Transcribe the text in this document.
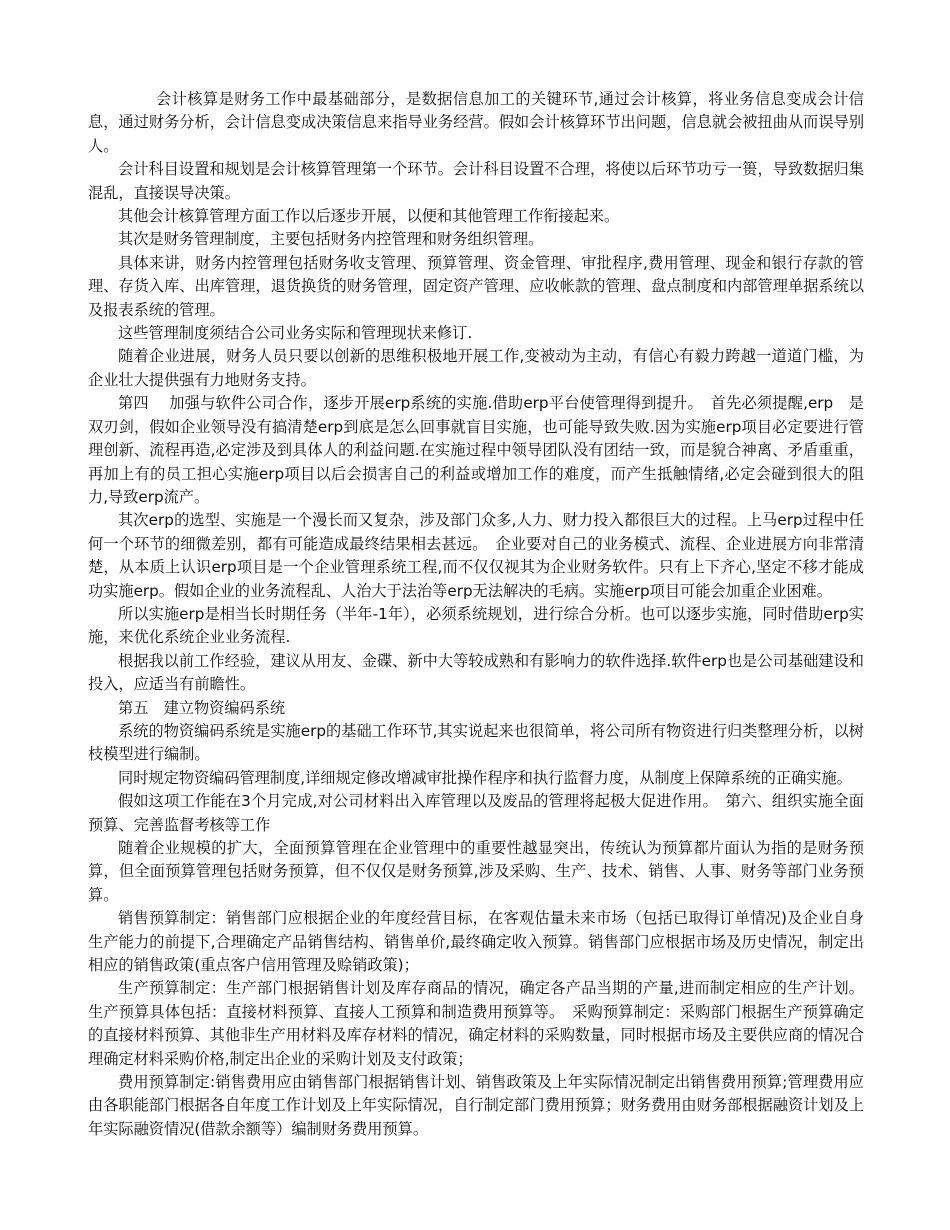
会计核算是财务工作中最基础部分，是数据信息加工的关键环节,通过会计核算，将业务信息变成会计信息，通过财务分析，会计信息变成决策信息来指导业务经营。假如会计核算环节出问题，信息就会被扭曲从而误导别人。

会计科目设置和规划是会计核算管理第一个环节。会计科目设置不合理，将使以后环节功亏一篑，导致数据归集混乱，直接误导决策。

其他会计核算管理方面工作以后逐步开展，以便和其他管理工作衔接起来。

其次是财务管理制度，主要包括财务内控管理和财务组织管理。

具体来讲，财务内控管理包括财务收支管理、预算管理、资金管理、审批程序,费用管理、现金和银行存款的管理、存货入库、出库管理，退货换货的财务管理，固定资产管理、应收帐款的管理、盘点制度和内部管理单据系统以及报表系统的管理。

这些管理制度须结合公司业务实际和管理现状来修订.

随着企业进展，财务人员只要以创新的思维积极地开展工作,变被动为主动，有信心有毅力跨越一道道门槛，为企业壮大提供强有力地财务支持。

第四　 加强与软件公司合作，逐步开展erp系统的实施.借助erp平台使管理得到提升。　首先必须提醒,erp　是双刃剑，假如企业领导没有搞清楚erp到底是怎么回事就盲目实施，也可能导致失败.因为实施erp项目必定要进行管理创新、流程再造,必定涉及到具体人的利益问题.在实施过程中领导团队没有团结一致，而是貌合神离、矛盾重重，再加上有的员工担心实施erp项目以后会损害自己的利益或增加工作的难度，而产生抵触情绪,必定会碰到很大的阻力,导致erp流产。

其次erp的选型、实施是一个漫长而又复杂，涉及部门众多,人力、财力投入都很巨大的过程。上马erp过程中任何一个环节的细微差别，都有可能造成最终结果相去甚远。　企业要对自己的业务模式、流程、企业进展方向非常清楚，从本质上认识erp项目是一个企业管理系统工程,而不仅仅视其为企业财务软件。只有上下齐心,坚定不移才能成功实施erp。假如企业的业务流程乱、人治大于法治等erp无法解决的毛病。实施erp项目可能会加重企业困难。

所以实施erp是相当长时期任务（半年-1年），必须系统规划，进行综合分析。也可以逐步实施，同时借助erp实施，来优化系统企业业务流程.

根据我以前工作经验，建议从用友、金碟、新中大等较成熟和有影响力的软件选择.软件erp也是公司基础建设和投入，应适当有前瞻性。

第五　建立物资编码系统

系统的物资编码系统是实施erp的基础工作环节,其实说起来也很简单，将公司所有物资进行归类整理分析，以树枝模型进行编制。

同时规定物资编码管理制度,详细规定修改增减审批操作程序和执行监督力度，从制度上保障系统的正确实施。

假如这项工作能在3个月完成,对公司材料出入库管理以及废品的管理将起极大促进作用。　第六、组织实施全面预算、完善监督考核等工作

随着企业规模的扩大，全面预算管理在企业管理中的重要性越显突出，传统认为预算都片面认为指的是财务预算，但全面预算管理包括财务预算，但不仅仅是财务预算,涉及采购、生产、技术、销售、人事、财务等部门业务预算。

销售预算制定：销售部门应根据企业的年度经营目标，在客观估量未来市场（包括已取得订单情况)及企业自身生产能力的前提下,合理确定产品销售结构、销售单价,最终确定收入预算。销售部门应根据市场及历史情况，制定出相应的销售政策(重点客户信用管理及赊销政策)；

生产预算制定：生产部门根据销售计划及库存商品的情况，确定各产品当期的产量,进而制定相应的生产计划。生产预算具体包括：直接材料预算、直接人工预算和制造费用预算等。　采购预算制定：采购部门根据生产预算确定的直接材料预算、其他非生产用材料及库存材料的情况，确定材料的采购数量，同时根据市场及主要供应商的情况合理确定材料采购价格,制定出企业的采购计划及支付政策；

费用预算制定:销售费用应由销售部门根据销售计划、销售政策及上年实际情况制定出销售费用预算;管理费用应由各职能部门根据各自年度工作计划及上年实际情况，自行制定部门费用预算；财务费用由财务部根据融资计划及上年实际融资情况(借款余额等）编制财务费用预算。
